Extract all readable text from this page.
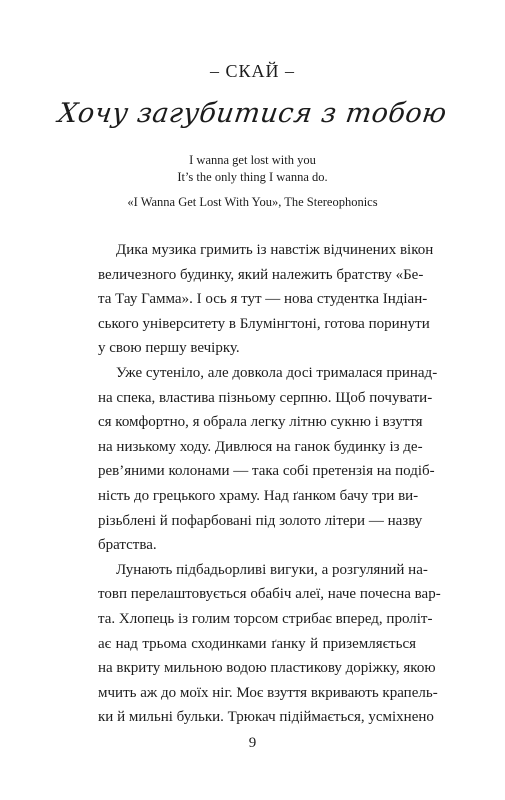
– СКАЙ –
Хочу загубитися з тобою
I wanna get lost with you
It’s the only thing I wanna do.
«I Wanna Get Lost With You», The Stereophonics
Дика музика гримить із навстіж відчинених вікон
величезного будинку, який належить братству «Бе-
та Тау Гамма». І ось я тут — нова студентка Індіан-
ського університету в Блумінгтоні, готова поринути
у свою першу вечірку.
Уже сутеніло, але довкола досі трималася принад-
на спека, властива пізньому серпню. Щоб почувати-
ся комфортно, я обрала легку літню сукню і взуття
на низькому ходу. Дивлюся на ганок будинку із де-
рев’яними колонами — така собі претензія на подіб-
ність до грецького храму. Над ґанком бачу три ви-
різьблені й пофарбовані під золото літери — назву
братства.
Лунають підбадьорливі вигуки, а розгуляний на-
товп перелаштовується обабіч алеї, наче почесна вар-
та. Хлопець із голим торсом стрибає вперед, проліт-
ає над трьома сходинками ґанку й приземляється
на вкриту мильною водою пластикову доріжку, якою
мчить аж до моїх ніг. Моє взуття вкривають крапель-
ки й мильні бульки. Трюкач підіймається, усміхнено
9
